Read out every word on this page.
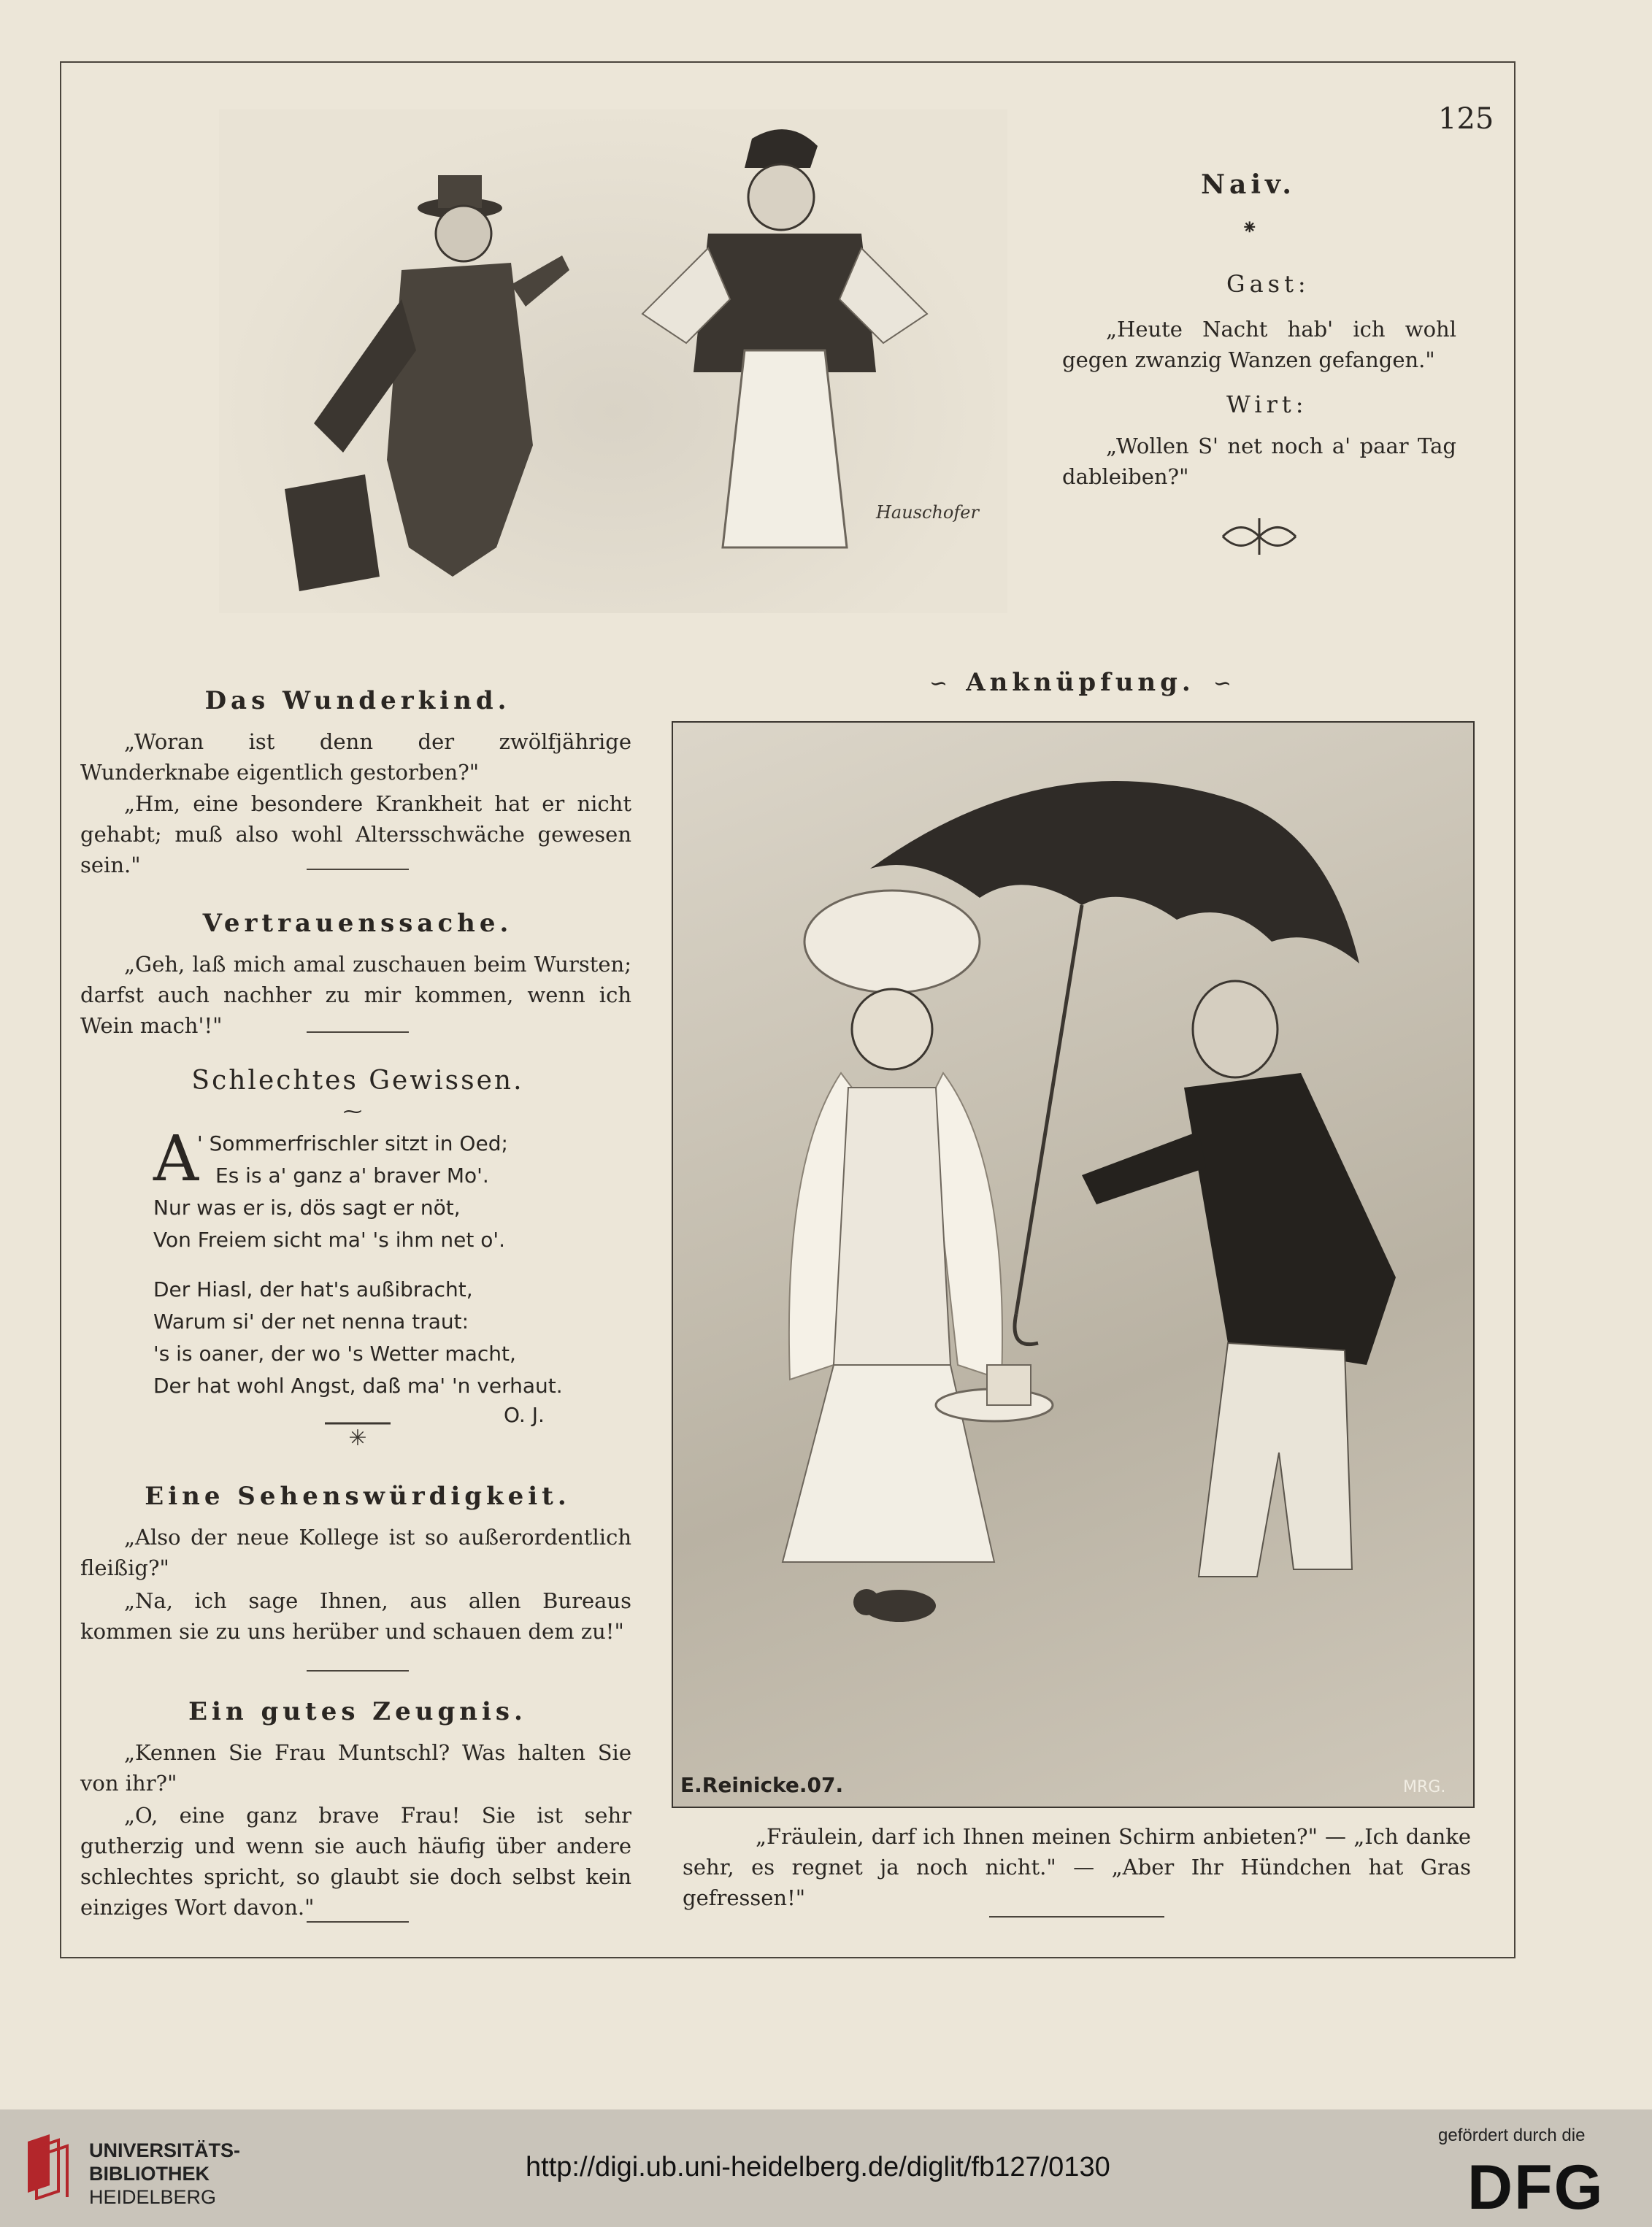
125
Hauschofer
Naiv.
⁕
Gast:

„Heute Nacht hab' ich wohl gegen zwanzig Wanzen gefangen."

Wirt:

„Wollen S' net noch a' paar Tag dableiben?"

Das Wunderkind.

„Woran ist denn der zwölfjährige Wunderknabe eigentlich gestorben?"

„Hm, eine besondere Krankheit hat er nicht gehabt; muß also wohl Altersschwäche gewesen sein."

Vertrauenssache.

„Geh, laß mich amal zuschauen beim Wursten; darfst auch nachher zu mir kommen, wenn ich Wein mach'!"

Schlechtes Gewissen.
⁓
A
' Sommerfrischler sitzt in Oed;
Es is a' ganz a' braver Mo'.
Nur was er is, dös sagt er nöt,
Von Freiem sicht ma' 's ihm net o'.
Der Hiasl, der hat's außibracht,
Warum si' der net nenna traut:
's is oaner, der wo 's Wetter macht,
Der hat wohl Angst, daß ma' 'n verhaut.
O. J.
✳
Eine Sehenswürdigkeit.

„Also der neue Kollege ist so außerordentlich fleißig?"

„Na, ich sage Ihnen, aus allen Bureaus kommen sie zu uns herüber und schauen dem zu!"

Ein gutes Zeugnis.

„Kennen Sie Frau Muntschl? Was halten Sie von ihr?"

„O, eine ganz brave Frau! Sie ist sehr gutherzig und wenn sie auch häufig über andere schlechtes spricht, so glaubt sie doch selbst kein einziges Wort davon."

∽ Anknüpfung. ∽
E.Reinicke.07.	MRG.

„Fräulein, darf ich Ihnen meinen Schirm anbieten?" — „Ich danke sehr, es regnet ja noch nicht." — „Aber Ihr Hündchen hat Gras gefressen!"

UNIVERSITÄTS-
BIBLIOTHEK
HEIDELBERG
http://digi.ub.uni-heidelberg.de/diglit/fb127/0130
gefördert durch die
DFG
